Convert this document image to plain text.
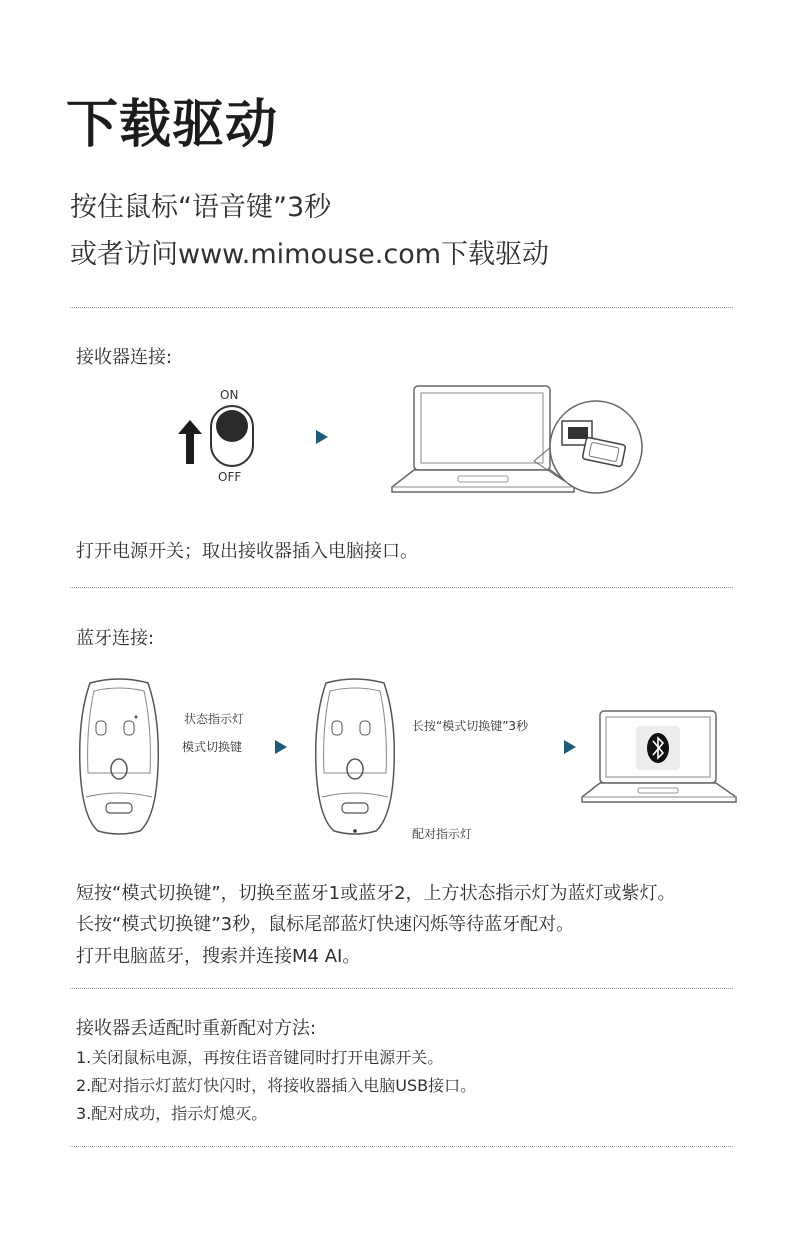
下载驱动
按住鼠标“语音键”3秒
或者访问www.mimouse.com下载驱动
接收器连接:
ON
OFF
打开电源开关；取出接收器插入电脑接口。
蓝牙连接:
状态指示灯
模式切换键
长按“模式切换键”3秒
配对指示灯
短按“模式切换键”，切换至蓝牙1或蓝牙2，上方状态指示灯为蓝灯或紫灯。
长按“模式切换键”3秒，鼠标尾部蓝灯快速闪烁等待蓝牙配对。
打开电脑蓝牙，搜索并连接M4 AI。
接收器丢适配时重新配对方法:
1.关闭鼠标电源，再按住语音键同时打开电源开关。
2.配对指示灯蓝灯快闪时，将接收器插入电脑USB接口。
3.配对成功，指示灯熄灭。
